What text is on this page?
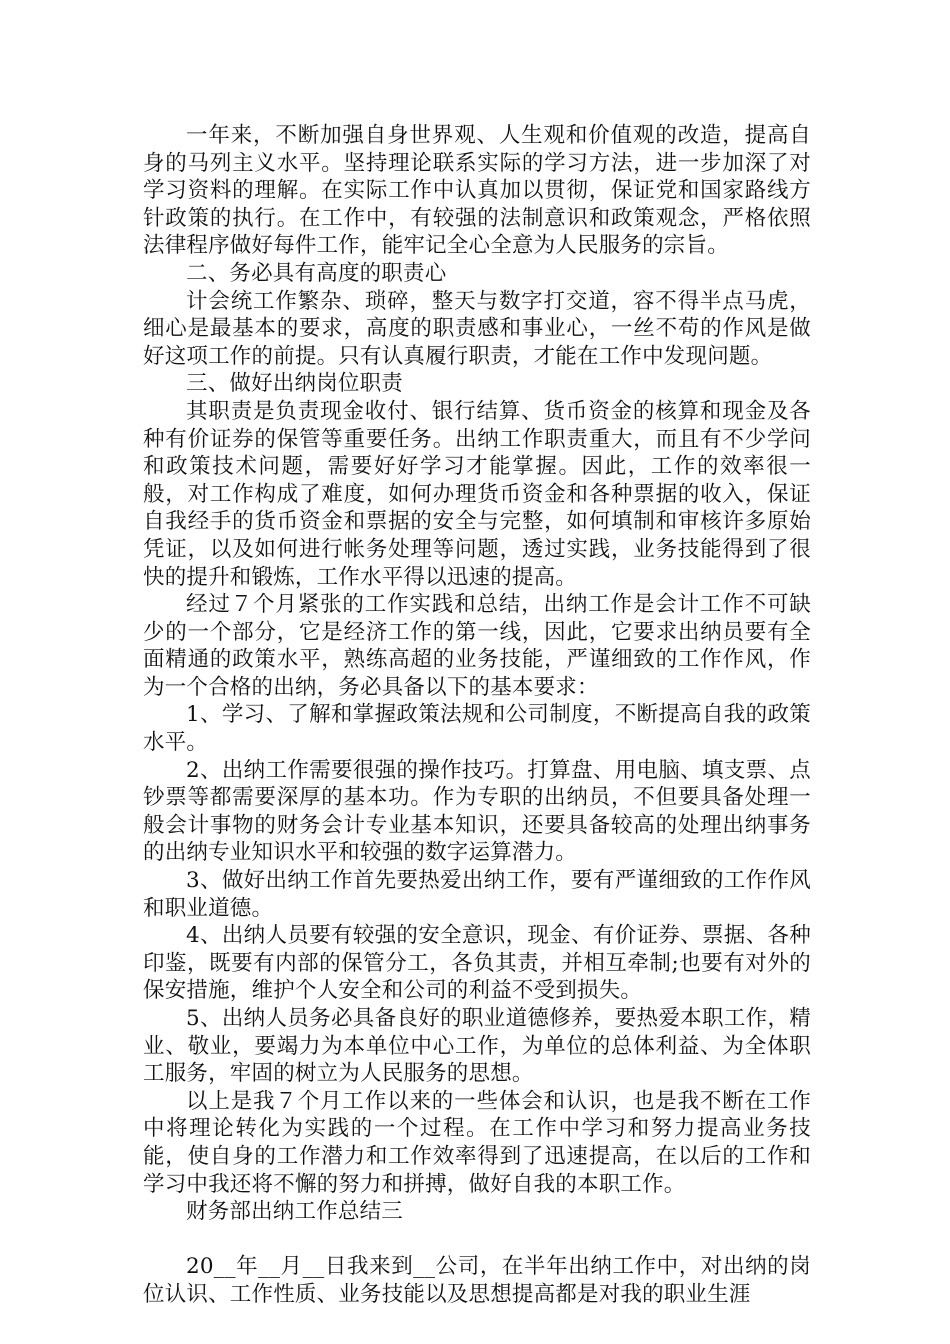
一年来，不断加强自身世界观、人生观和价值观的改造，提高自身的马列主义水平。坚持理论联系实际的学习方法，进一步加深了对学习资料的理解。在实际工作中认真加以贯彻，保证党和国家路线方针政策的执行。在工作中，有较强的法制意识和政策观念，严格依照法律程序做好每件工作，能牢记全心全意为人民服务的宗旨。

二、务必具有高度的职责心

计会统工作繁杂、琐碎，整天与数字打交道，容不得半点马虎，细心是最基本的要求，高度的职责感和事业心，一丝不苟的作风是做好这项工作的前提。只有认真履行职责，才能在工作中发现问题。

三、做好出纳岗位职责

其职责是负责现金收付、银行结算、货币资金的核算和现金及各种有价证券的保管等重要任务。出纳工作职责重大，而且有不少学问和政策技术问题，需要好好学习才能掌握。因此，工作的效率很一般，对工作构成了难度，如何办理货币资金和各种票据的收入，保证自我经手的货币资金和票据的安全与完整，如何填制和审核许多原始凭证，以及如何进行帐务处理等问题，透过实践，业务技能得到了很快的提升和锻炼，工作水平得以迅速的提高。

经过７个月紧张的工作实践和总结，出纳工作是会计工作不可缺少的一个部分，它是经济工作的第一线，因此，它要求出纳员要有全面精通的政策水平，熟练高超的业务技能，严谨细致的工作作风，作为一个合格的出纳，务必具备以下的基本要求：

1、学习、了解和掌握政策法规和公司制度，不断提高自我的政策水平。

2、出纳工作需要很强的操作技巧。打算盘、用电脑、填支票、点钞票等都需要深厚的基本功。作为专职的出纳员，不但要具备处理一般会计事物的财务会计专业基本知识，还要具备较高的处理出纳事务的出纳专业知识水平和较强的数字运算潜力。

3、做好出纳工作首先要热爱出纳工作，要有严谨细致的工作作风和职业道德。

4、出纳人员要有较强的安全意识，现金、有价证券、票据、各种印鉴，既要有内部的保管分工，各负其责，并相互牵制;也要有对外的保安措施，维护个人安全和公司的利益不受到损失。

5、出纳人员务必具备良好的职业道德修养，要热爱本职工作，精业、敬业，要竭力为本单位中心工作，为单位的总体利益、为全体职工服务，牢固的树立为人民服务的思想。

以上是我７个月工作以来的一些体会和认识，也是我不断在工作中将理论转化为实践的一个过程。在工作中学习和努力提高业务技能，使自身的工作潜力和工作效率得到了迅速提高，在以后的工作和学习中我还将不懈的努力和拼搏，做好自我的本职工作。

财务部出纳工作总结三

20__年__月__日我来到__公司，在半年出纳工作中，对出纳的岗位认识、工作性质、业务技能以及思想提高都是对我的职业生涯
